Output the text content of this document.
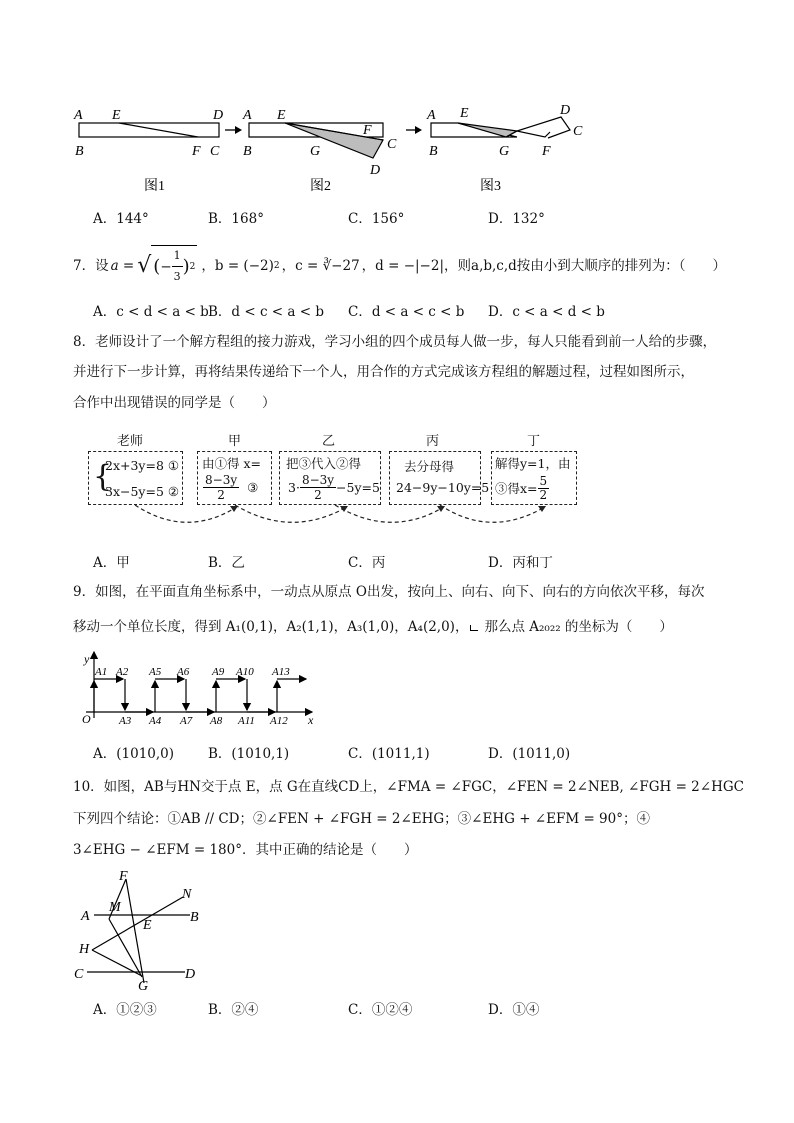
A E	D
B	F C
A E
F
C
D
B	G
A E	D
C
B	G F
图1	图2	图3
A．144°	B．168°	C．156°	D．132°
7．设 a = √ ( − $\frac{1}{3}$ ) 2 ，b = (−2) 2 ，c = ∛−27 ，d = −|−2| ，则a,b,c,d按由小到大顺序的排列为：（　　）
A．c < d < a < b B．d < c < a < b C．d < a < c < b D．c < a < d < b
8．老师设计了一个解方程组的接力游戏，学习小组的四个成员每人做一步，每人只能看到前一人给的步骤，
并进行下一步计算，再将结果传递给下一个人，用合作的方式完成该方程组的解题过程，过程如图所示，
合作中出现错误的同学是（　　）
老师	甲	乙	丙	丁
{
2x+3y=8 ①
3x−5y=5 ②
由①得 x=
$\frac{8-3y}{2}$ ③
把③代入②得
$3\cdot \frac{8-3y}{2} -5y=5$
去分母得
24−9y−10y=5
解得y=1，由
③得$x= \frac{5}{2}$
A．甲	B．乙	C．丙	D．丙和丁
9．如图，在平面直角坐标系中，一动点从原点 O出发，按向上、向右、向下、向右的方向依次平移，每次
移动一个单位长度，得到 A₁(0,1)，A₂(1,1)，A₃(1,0)，A₄(2,0)， 那么点 A₂₀₂₂ 的坐标为（　　）
y
x
O
A1 A2 A5 A6 A9 A10 A13
A3 A4 A7 A8 A11 A12
A．(1010,0)	B．(1010,1)	C．(1011,1)	D．(1011,0)
10．如图，AB与HN交于点 E，点 G在直线CD上，∠FMA = ∠FGC，∠FEN = 2∠NEB, ∠FGH = 2∠HGC
下列四个结论：①AB // CD；②∠FEN + ∠FGH = 2∠EHG；③∠EHG + ∠EFM = 90°；④
3∠EHG − ∠EFM = 180°．其中正确的结论是（　　）
F
N
A
M
B
E
H
C
G
D
A．①②③	B．②④	C．①②④	D．①④
